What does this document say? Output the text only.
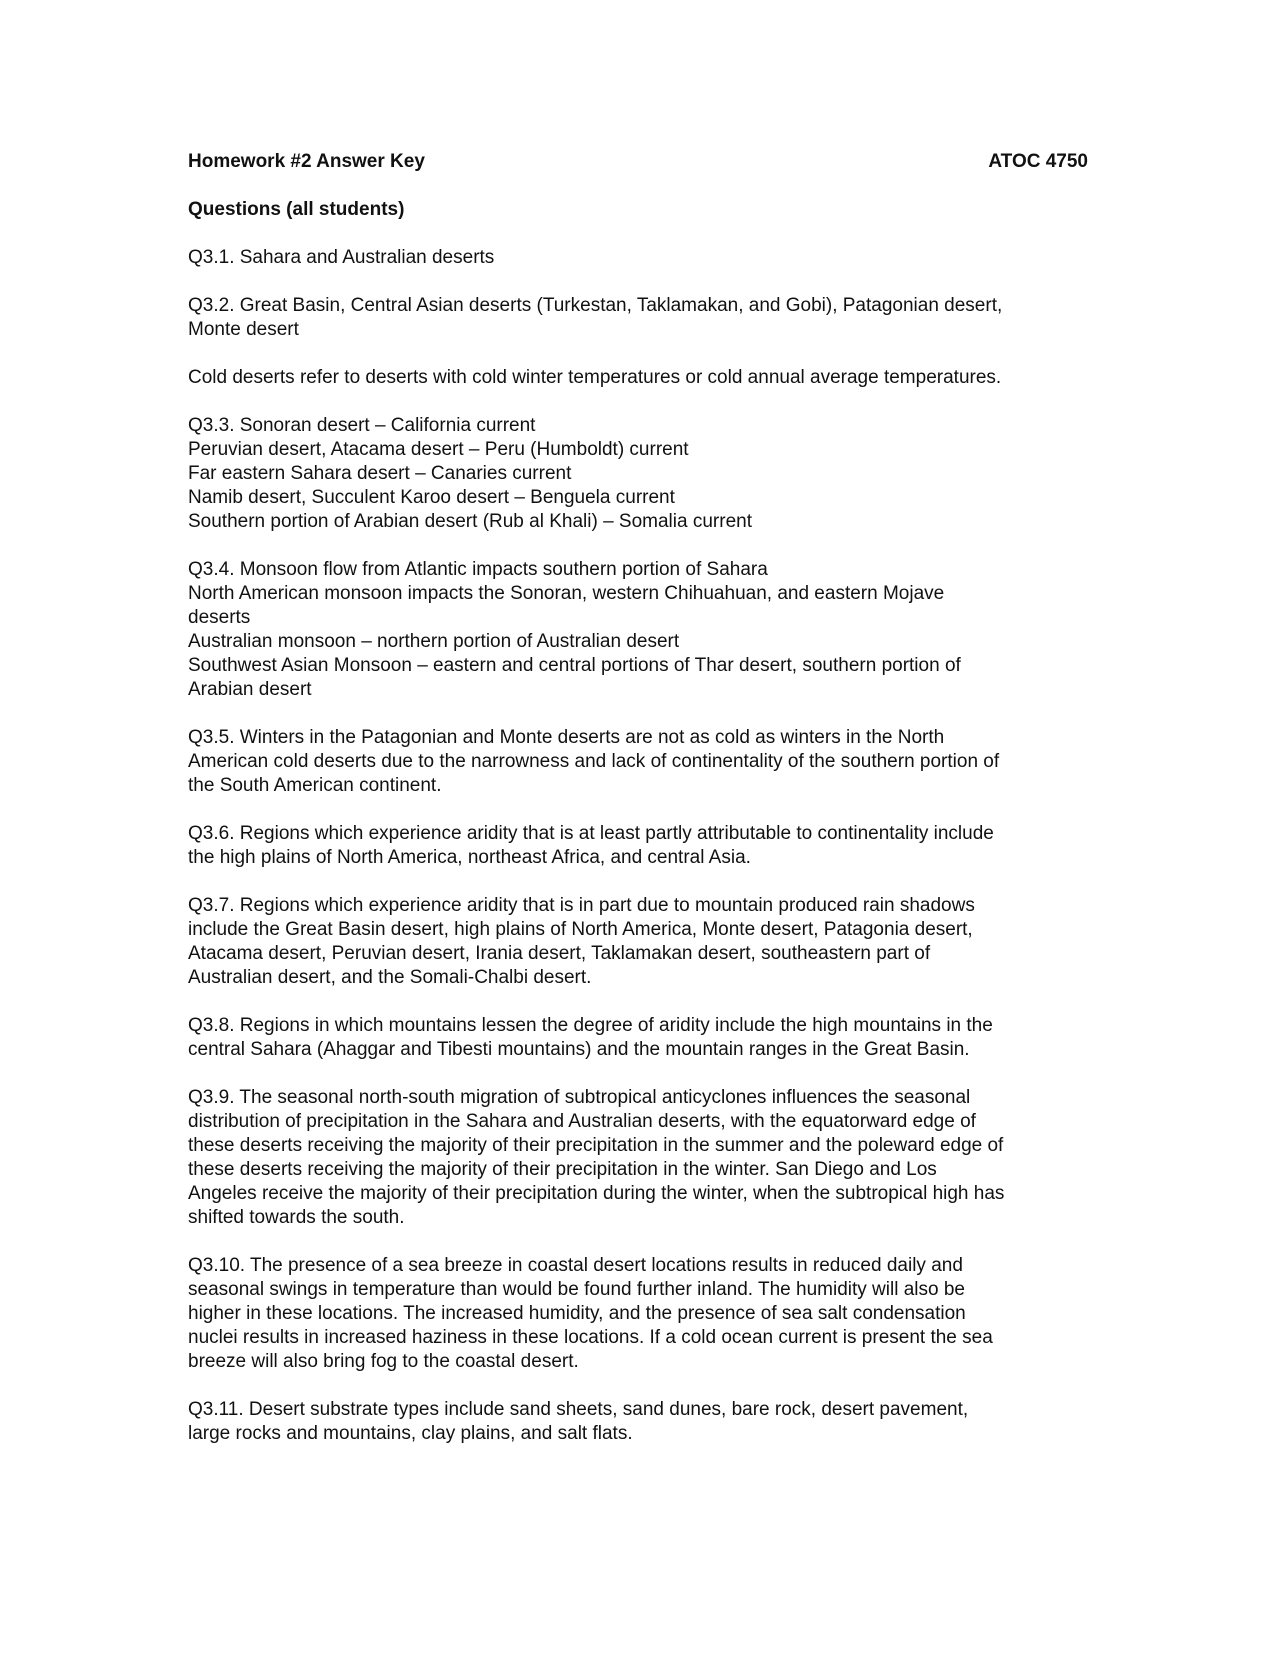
Homework #2 Answer Key	ATOC 4750
Questions (all students)
Q3.1. Sahara and Australian deserts
Q3.2. Great Basin, Central Asian deserts (Turkestan, Taklamakan, and Gobi), Patagonian desert,
Monte desert
Cold deserts refer to deserts with cold winter temperatures or cold annual average temperatures.
Q3.3. Sonoran desert – California current
Peruvian desert, Atacama desert – Peru (Humboldt) current
Far eastern Sahara desert – Canaries current
Namib desert, Succulent Karoo desert – Benguela current
Southern portion of Arabian desert (Rub al Khali) – Somalia current
Q3.4. Monsoon flow from Atlantic impacts southern portion of Sahara
North American monsoon impacts the Sonoran, western Chihuahuan, and eastern Mojave
deserts
Australian monsoon – northern portion of Australian desert
Southwest Asian Monsoon – eastern and central portions of Thar desert, southern portion of
Arabian desert
Q3.5. Winters in the Patagonian and Monte deserts are not as cold as winters in the North
American cold deserts due to the narrowness and lack of continentality of the southern portion of
the South American continent.
Q3.6. Regions which experience aridity that is at least partly attributable to continentality include
the high plains of North America, northeast Africa, and central Asia.
Q3.7. Regions which experience aridity that is in part due to mountain produced rain shadows
include the Great Basin desert, high plains of North America, Monte desert, Patagonia desert,
Atacama desert, Peruvian desert, Irania desert, Taklamakan desert, southeastern part of
Australian desert, and the Somali-Chalbi desert.
Q3.8. Regions in which mountains lessen the degree of aridity include the high mountains in the
central Sahara (Ahaggar and Tibesti mountains) and the mountain ranges in the Great Basin.
Q3.9. The seasonal north-south migration of subtropical anticyclones influences the seasonal
distribution of precipitation in the Sahara and Australian deserts, with the equatorward edge of
these deserts receiving the majority of their precipitation in the summer and the poleward edge of
these deserts receiving the majority of their precipitation in the winter. San Diego and Los
Angeles receive the majority of their precipitation during the winter, when the subtropical high has
shifted towards the south.
Q3.10. The presence of a sea breeze in coastal desert locations results in reduced daily and
seasonal swings in temperature than would be found further inland. The humidity will also be
higher in these locations. The increased humidity, and the presence of sea salt condensation
nuclei results in increased haziness in these locations. If a cold ocean current is present the sea
breeze will also bring fog to the coastal desert.
Q3.11. Desert substrate types include sand sheets, sand dunes, bare rock, desert pavement,
large rocks and mountains, clay plains, and salt flats.
